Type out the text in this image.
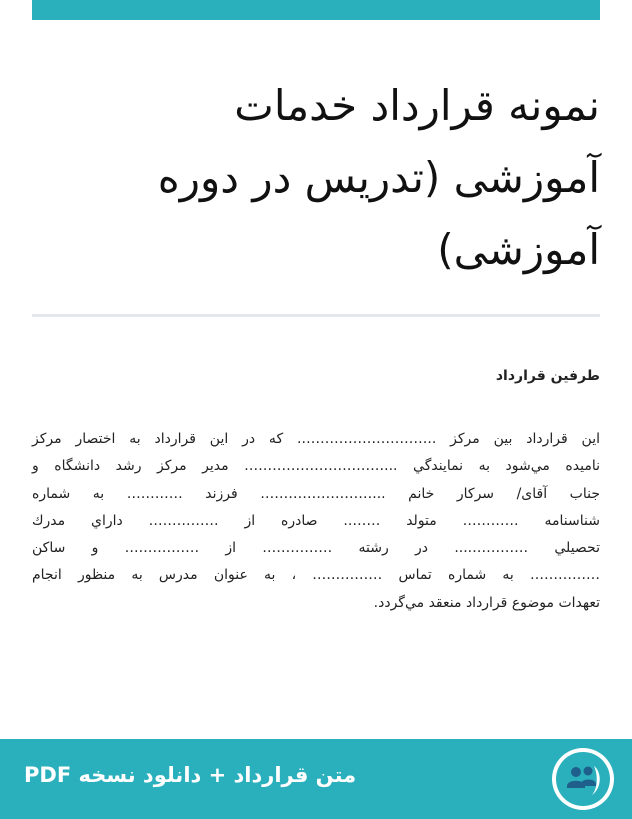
نمونه قرارداد خدمات
آموزشی (تدریس در دوره
آموزشی)
طرفین قرارداد
اين قرارداد بين مركز ..………………………. كه در اين قرارداد به اختصار مركز
ناميده مي‌شود به نمايندگي ...………………………… مدير مركز رشد دانشگاه و
جناب آقای/ سرکار خانم ...…………………… فرزند ………… به شماره
شناسنامه ………… متولد …….. صادره از …………… داراي مدرك
تحصيلي ………….... در رشته …………… از ………….… و ساكن
…………… به شماره تماس …………… ، به عنوان مدرس به منظور انجام
تعهدات موضوع قرارداد منعقد مي‌گردد.
متن قرارداد + دانلود نسخه PDF
